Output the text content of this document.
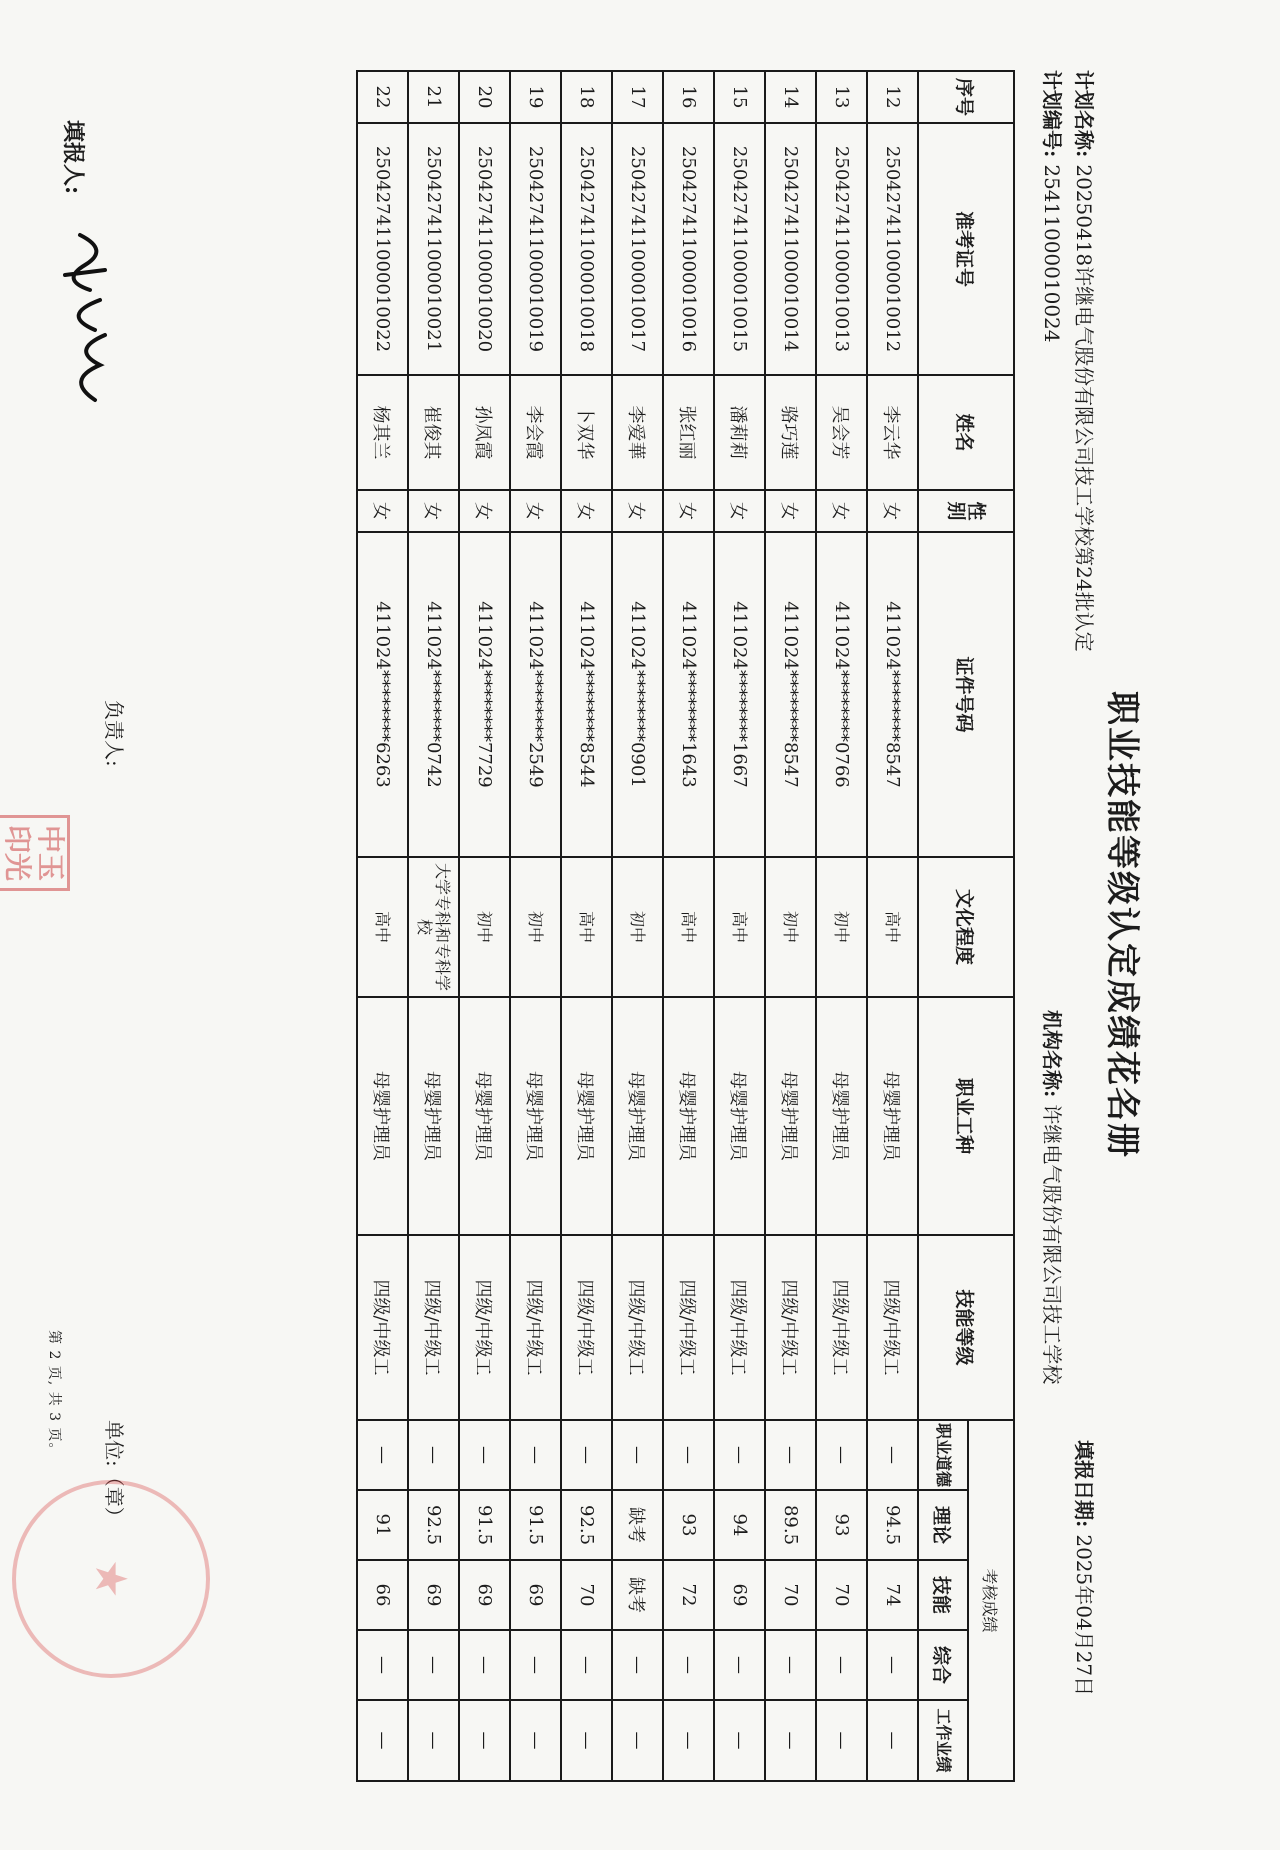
职业技能等级认定成绩花名册
计划名称: 20250418许继电气股份有限公司技工学校第24批认定
填报日期: 2025年04月27日
计划编号: 25411000010024
机构名称: 许继电气股份有限公司技工学校
序号	准考证号	姓名	性别	证件号码	文化程度	职业工种	技能等级	考核成绩				
								职业道德	理论	技能	综合	工作业绩
12	250427411000010012	李云华	女	411024********8547	高中	母婴护理员	四级/中级工	—	94.5	74	—	—
13	250427411000010013	吴会芳	女	411024********0766	初中	母婴护理员	四级/中级工	—	93	70	—	—
14	250427411000010014	骆巧莲	女	411024********8547	初中	母婴护理员	四级/中级工	—	89.5	70	—	—
15	250427411000010015	潘莉莉	女	411024********1667	高中	母婴护理员	四级/中级工	—	94	69	—	—
16	250427411000010016	张红丽	女	411024********1643	高中	母婴护理员	四级/中级工	—	93	72	—	—
17	250427411000010017	李爱華	女	411024********0901	初中	母婴护理员	四级/中级工	—	缺考	缺考	—	—
18	250427411000010018	卜双华	女	411024********8544	高中	母婴护理员	四级/中级工	—	92.5	70	—	—
19	250427411000010019	李会霞	女	411024********2549	初中	母婴护理员	四级/中级工	—	91.5	69	—	—
20	250427411000010020	孙凤霞	女	411024********7729	初中	母婴护理员	四级/中级工	—	91.5	69	—	—
21	250427411000010021	崔俊其	女	411024********0742	大学专科和专科学校	母婴护理员	四级/中级工	—	92.5	69	—	—
22	250427411000010022	杨其兰	女	411024********6263	高中	母婴护理员	四级/中级工	—	91	66	—	—
填报人:
负责人:
中玉
印光
单位:（章）
★
第 2 页, 共 3 页。
